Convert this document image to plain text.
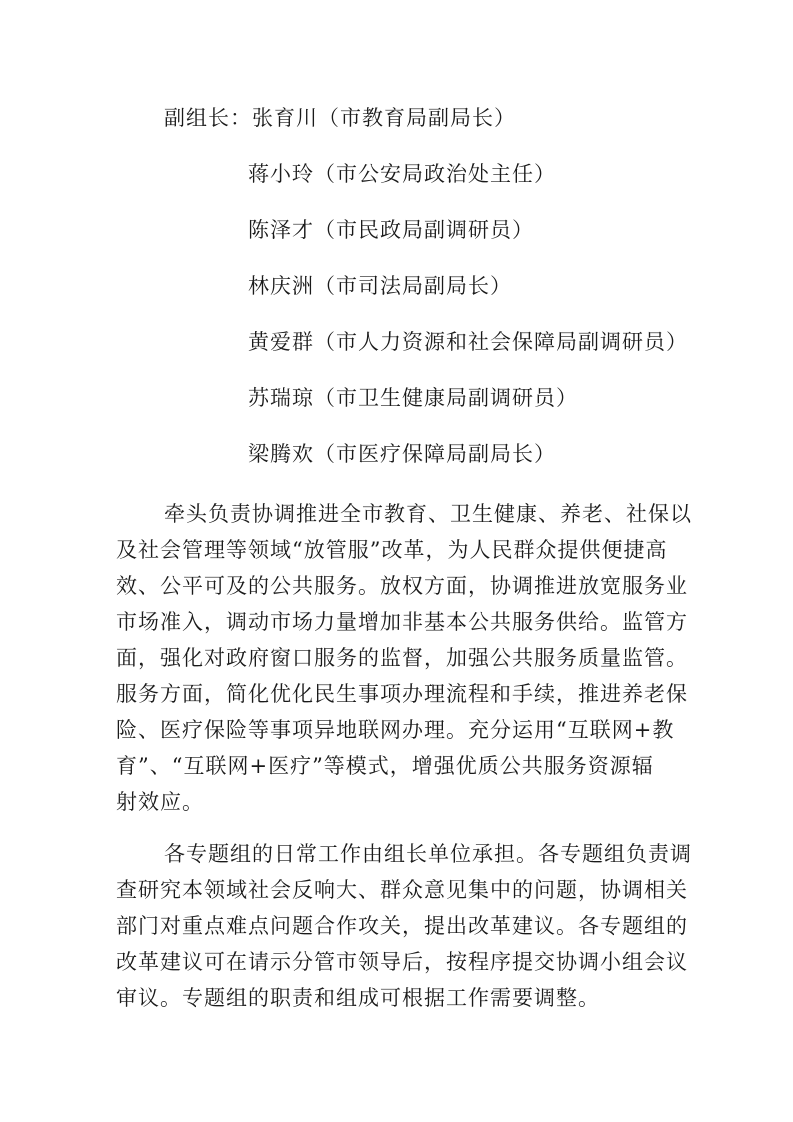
副组长：张育川（市教育局副局长）
蒋小玲（市公安局政治处主任）
陈泽才（市民政局副调研员）
林庆洲（市司法局副局长）
黄爱群（市人力资源和社会保障局副调研员）
苏瑞琼（市卫生健康局副调研员）
梁腾欢（市医疗保障局副局长）
牵头负责协调推进全市教育、卫生健康、养老、社保以
及社会管理等领域“放管服”改革，为人民群众提供便捷高
效、公平可及的公共服务。放权方面，协调推进放宽服务业
市场准入，调动市场力量增加非基本公共服务供给。监管方
面，强化对政府窗口服务的监督，加强公共服务质量监管。
服务方面，简化优化民生事项办理流程和手续，推进养老保
险、医疗保险等事项异地联网办理。充分运用“互联网+教
育”、“互联网+医疗”等模式，增强优质公共服务资源辐
射效应。
各专题组的日常工作由组长单位承担。各专题组负责调
查研究本领域社会反响大、群众意见集中的问题，协调相关
部门对重点难点问题合作攻关，提出改革建议。各专题组的
改革建议可在请示分管市领导后，按程序提交协调小组会议
审议。专题组的职责和组成可根据工作需要调整。
